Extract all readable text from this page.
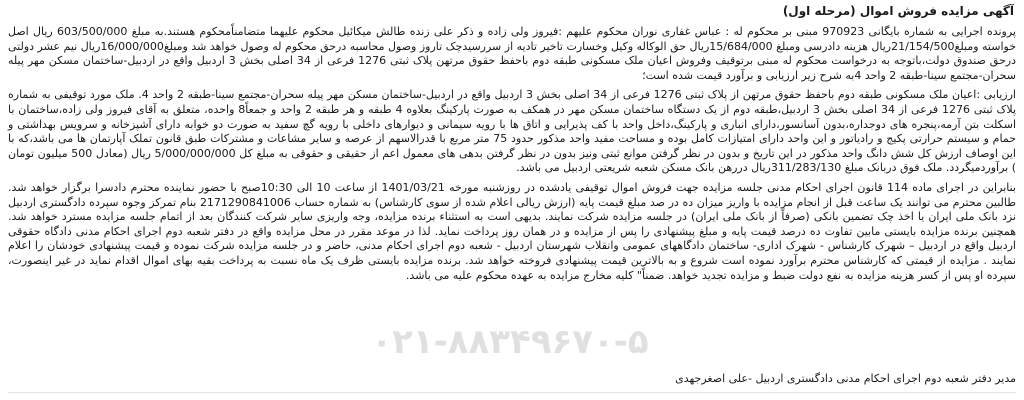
آگهی مزایده فروش اموال (مرحله اول)

پرونده اجرایی به شماره بایگانی 970923 مبنی بر محکوم له : عباس غفاری نوران محکوم علیهم :فیروز ولی زاده و ذکر علی زنده طالش میکائیل محکوم علیهما متضامناًمحکوم هستند.به مبلغ 603/500/000 ریال اصل خواسته ومبلغ21/154/500ریال هزینه دادرسی ومبلغ 15/684/000ریال حق الوکاله وکیل وخسارت تاخیر تادیه از سررسیدچک تاروز وصول محاسبه درحق محکوم له وصول خواهد شد ومبلغ16/000/000ریال نیم عشر دولتی درحق صندوق دولت،باتوجه به درخواست محکوم له مبنی برتوقیف وفروش اعیان ملک مسکونی طبقه دوم باحفظ حقوق مرتهن پلاک ثبتی 1276 فرعی از 34 اصلی بخش 3 اردبیل واقع در اردبیل-ساختمان مسکن مهر پیله سحران-مجتمع سینا-طبقه 2 واحد 4به شرح زیر ارزیابی و برآورد قیمت شده است؛

ارزیابی :اعیان ملک مسکونی طبقه دوم باحفظ حقوق مرتهن از پلاک ثبتی 1276 فرعی از 34 اصلی بخش 3 اردبیل واقع در اردبیل-ساختمان مسکن مهر پیله سحران-مجتمع سینا-طبقه 2 واحد 4. ملک مورد توقیفی به شماره پلاک ثبتی 1276 فرعی از 34 اصلی بخش 3 اردبیل،طبقه دوم از یک دستگاه ساختمان مسکن مهر در همکف به صورت پارکینگ بعلاوه 4 طبقه و هر طبقه 2 واحد و جمعاً8 واحده، متعلق به آقای فیروز ولی زاده،ساختمان با اسکلت بتن آرمه،پنجره های دوجداره،بدون آسانسور،دارای انباری و پارکینگ،داخل واحد با کف پذیرایی و اتاق ها با رویه سیمانی و دیوارهای داخلی با رویه گچ سفید به صورت دو خوابه دارای آشپزخانه و سرویس بهداشتی و حمام و سیستم حرارتی پکیج و رادیاتور و این واحد دارای امتیازات کامل بوده و مساحت مفید واحد مذکور حدود 75 متر مربع با قدرالاسهم از عرصه و سایر مشاعات و مشترکات طبق قانون تملک آپارتمان ها می باشد،که با این اوصاف ارزش کل شش دانگ واحد مذکور در این تاریخ و بدون در نظر گرفتن موانع ثبتی ونیز بدون در نظر گرفتن بدهی های معمول اعم از حقیقی و حقوقی به مبلغ کل 5/000/000/000 ریال (معادل 500 میلیون تومان ) برآوردمیگردد. ملک فوق دربانک مبلغ 311/283/130ریال دررهن بانک مسکن شعبه شریعتی اردبیل می باشد.

بنابراین در اجرای ماده 114 قانون اجرای احکام مدنی جلسه مزایده جهت فروش اموال توقیفی یادشده در روزشنبه مورخه 1401/03/21 از ساعت 10 الی 10:30صبح با حضور نماینده محترم دادسرا برگزار خواهد شد. طالبین محترم می توانند یک ساعت قبل از انجام مزایده با واریز میزان ده در صد مبلغ قیمت پایه (ارزش ریالی اعلام شده از سوی کارشناس) به شماره حساب 2171290841006 بنام تمرکز وجوه سپرده دادگستری اردبیل نزد بانک ملی ایران یا اخذ چک تضمین بانکی (صرفاً از بانک ملی ایران) در جلسه مزایده شرکت نمایند. بدیهی است به استثناء برنده مزایده، وجه واریزی سایر شرکت کنندگان بعد از اتمام جلسه مزایده مسترد خواهد شد. همچنین برنده مزایده بایستی مابین تفاوت ده درصد قیمت پایه و مبلغ پیشنهادی را پس از مزایده و در همان روز پرداخت نماید. لذا در موعد مقرر در محل مزایده واقع در دفتر شعبه دوم اجرای احکام مدنی دادگاه حقوقی اردبیل واقع در اردبیل – شهرک کارشناس - شهرک اداری- ساختمان دادگاههای عمومی وانقلاب شهرستان اردبیل - شعبه دوم اجرای احکام مدنی، حاضر و در جلسه مزایده شرکت نموده و قیمت پیشنهادی خودشان را اعلام نمایند . مزایده از قیمتی که کارشناس محترم برآورد نموده است شروع و به بالاترین قیمت پیشنهادی فروخته خواهد شد. برنده مزایده بایستی ظرف یک ماه نسبت به پرداخت بقیه بهای اموال اقدام نماید در غیر اینصورت، سپرده او پس از کسر هزینه مزایده به نفع دولت ضبط و مزایده تجدید خواهد. ضمناً" کلیه مخارج مزایده به عهده محکوم علیه می باشد.

۰۲۱-۸۸۳۴۹۶۷۰-۵
مدیر دفتر شعبه دوم اجرای احکام مدنی دادگستری اردبیل -علی اصغرجهدی
